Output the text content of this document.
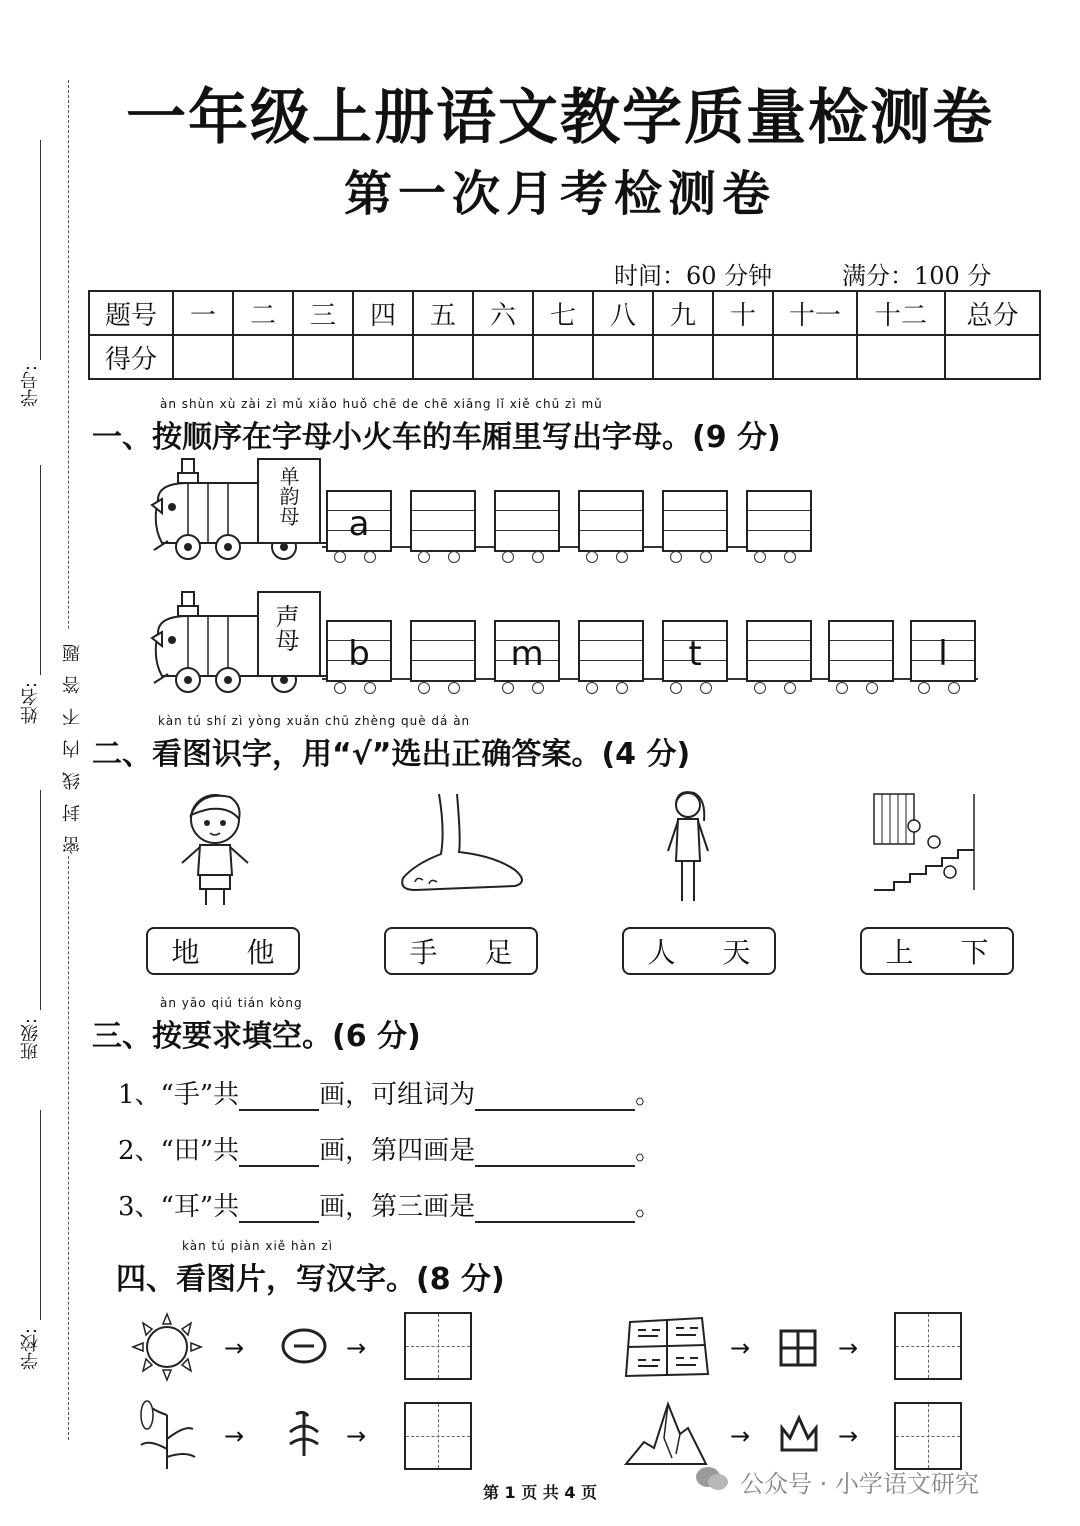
学号:
姓名: 密封线内不答题
班级:
学校:
一年级上册语文教学质量检测卷
第一次月考检测卷
时间：60 分钟	满分：100 分
题号	一	二	三	四	五	六	七	八	九	十	十一	十二	总分
得分													
àn shùn xù zài zì mǔ xiǎo huǒ chē de chē xiāng lǐ xiě chū zì mǔ
一、按顺序在字母小火车的车厢里写出字母。(9 分)
单韵母	a
声母
b	m	t	l
kàn tú shí zì yòng xuǎn chū zhèng què dá àn
二、看图识字，用“√”选出正确答案。(4 分)
地 他	手 足	人 天	上 下
àn yāo qiú tián kòng
三、按要求填空。(6 分)
1、“手”共	画，可组词为	。
2、“田”共	画，第四画是	。
3、“耳”共	画，第三画是	。
kàn tú piàn xiě hàn zì
四、看图片，写汉字。(8 分)
→	→	→	→
→	→	→	→
第 1 页 共 4 页	公众号 · 小学语文研究
